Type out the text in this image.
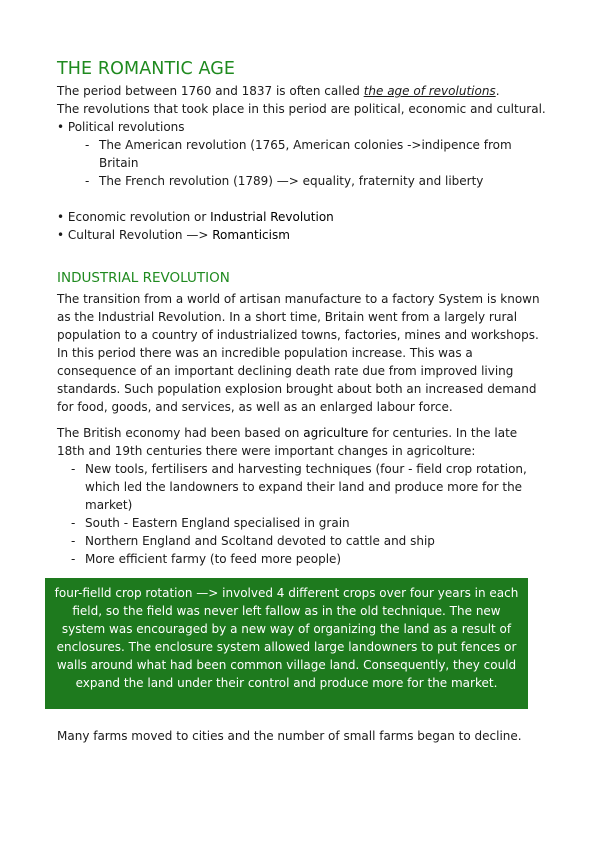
THE ROMANTIC AGE

The period between 1760 and 1837 is often called the age of revolutions.

The revolutions that took place in this period are political, economic and cultural.

• Political revolutions
- The American revolution (1765, American colonies ->indipence from Britain
- The French revolution (1789) —> equality, fraternity and liberty
• Economic revolution or Industrial Revolution
• Cultural Revolution —> Romanticism
INDUSTRIAL REVOLUTION

The transition from a world of artisan manufacture to a factory System is known as the Industrial Revolution. In a short time, Britain went from a largely rural population to a country of industrialized towns, factories, mines and workshops. In this period there was an incredible population increase. This was a consequence of an important declining death rate due from improved living standards. Such population explosion brought about both an increased demand for food, goods, and services, as well as an enlarged labour force.

The British economy had been based on agriculture for centuries. In the late 18th and 19th centuries there were important changes in agricolture:

- New tools, fertilisers and harvesting techniques (four - field crop rotation, which led the landowners to expand their land and produce more for the market)
- South - Eastern England specialised in grain
- Northern England and Scoltand devoted to cattle and ship
- More efficient farmy (to feed more people)
four-fielld crop rotation —> involved 4 different crops over four years in each field, so the field was never left fallow as in the old technique. The new system was encouraged by a new way of organizing the land as a result of enclosures. The enclosure system allowed large landowners to put fences or walls around what had been common village land. Consequently, they could expand the land under their control and produce more for the market.
Many farms moved to cities and the number of small farms began to decline.
